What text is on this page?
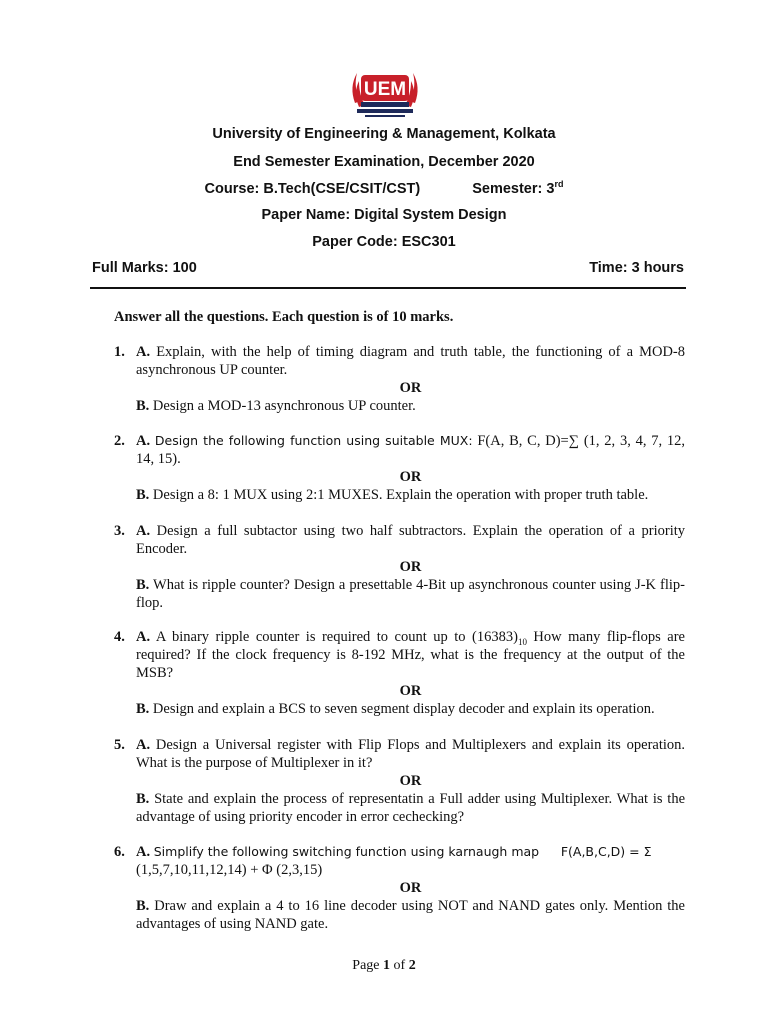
UEM
University of Engineering & Management, Kolkata
End Semester Examination, December 2020
Course: B.Tech(CSE/CSIT/CST)	Semester: 3rd
Paper Name: Digital System Design
Paper Code: ESC301
Full Marks: 100	Time: 3 hours
Answer all the questions. Each question is of 10 marks.
1. A. Explain, with the help of timing diagram and truth table, the functioning of a MOD-8 asynchronous UP counter.

OR

B. Design a MOD-13 asynchronous UP counter.

2. A. Design the following function using suitable MUX: F(A, B, C, D)=∑ (1, 2, 3, 4, 7, 12, 14, 15).

OR

B. Design a 8: 1 MUX using 2:1 MUXES. Explain the operation with proper truth table.

3. A. Design a full subtactor using two half subtractors. Explain the operation of a priority Encoder.

OR

B. What is ripple counter? Design a presettable 4-Bit up asynchronous counter using J-K flip-flop.

4. A. A binary ripple counter is required to count up to $(16383)_{10}$ How many flip-flops are required? If the clock frequency is 8-192 MHz, what is the frequency at the output of the MSB?

OR

B. Design and explain a BCS to seven segment display decoder and explain its operation.

5. A. Design a Universal register with Flip Flops and Multiplexers and explain its operation. What is the purpose of Multiplexer in it?

OR

B. State and explain the process of representatin a Full adder using Multiplexer. What is the advantage of using priority encoder in error cechecking?

6. A. Simplify the following switching function using karnaugh map F(A,B,C,D) = Σ
(1,5,7,10,11,12,14) + Φ (2,3,15)

OR

B. Draw and explain a 4 to 16 line decoder using NOT and NAND gates only. Mention the advantages of using NAND gate.

Page 1 of 2
